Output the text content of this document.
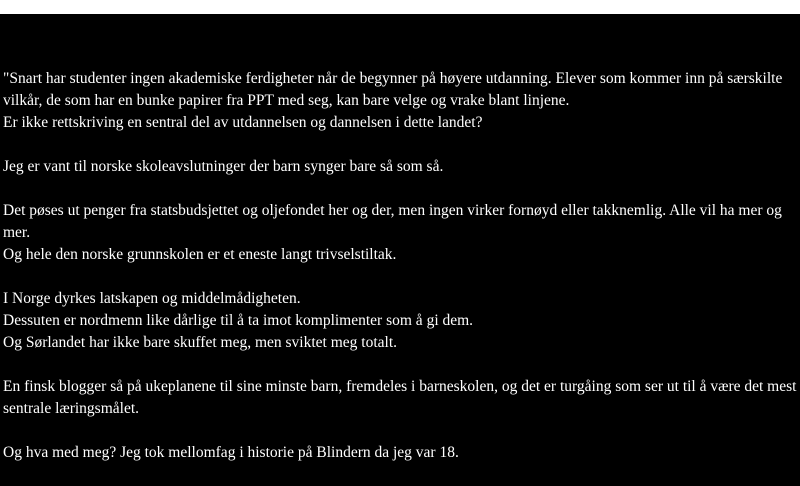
"Snart har studenter ingen akademiske ferdigheter når de begynner på høyere utdanning. Elever som kommer inn på særskilte vilkår, de som har en bunke papirer fra PPT med seg, kan bare velge og vrake blant linjene.
Er ikke rettskriving en sentral del av utdannelsen og dannelsen i dette landet?

Jeg er vant til norske skoleavslutninger der barn synger bare så som så.

Det pøses ut penger fra statsbudsjettet og oljefondet her og der, men ingen virker fornøyd eller takknemlig. Alle vil ha mer og mer.
Og hele den norske grunnskolen er et eneste langt trivselstiltak.

I Norge dyrkes latskapen og middelmådigheten.
Dessuten er nordmenn like dårlige til å ta imot komplimenter som å gi dem.
Og Sørlandet har ikke bare skuffet meg, men sviktet meg totalt.

En finsk blogger så på ukeplanene til sine minste barn, fremdeles i barneskolen, og det er turgåing som ser ut til å være det mest sentrale læringsmålet.

Og hva med meg? Jeg tok mellomfag i historie på Blindern da jeg var 18.
